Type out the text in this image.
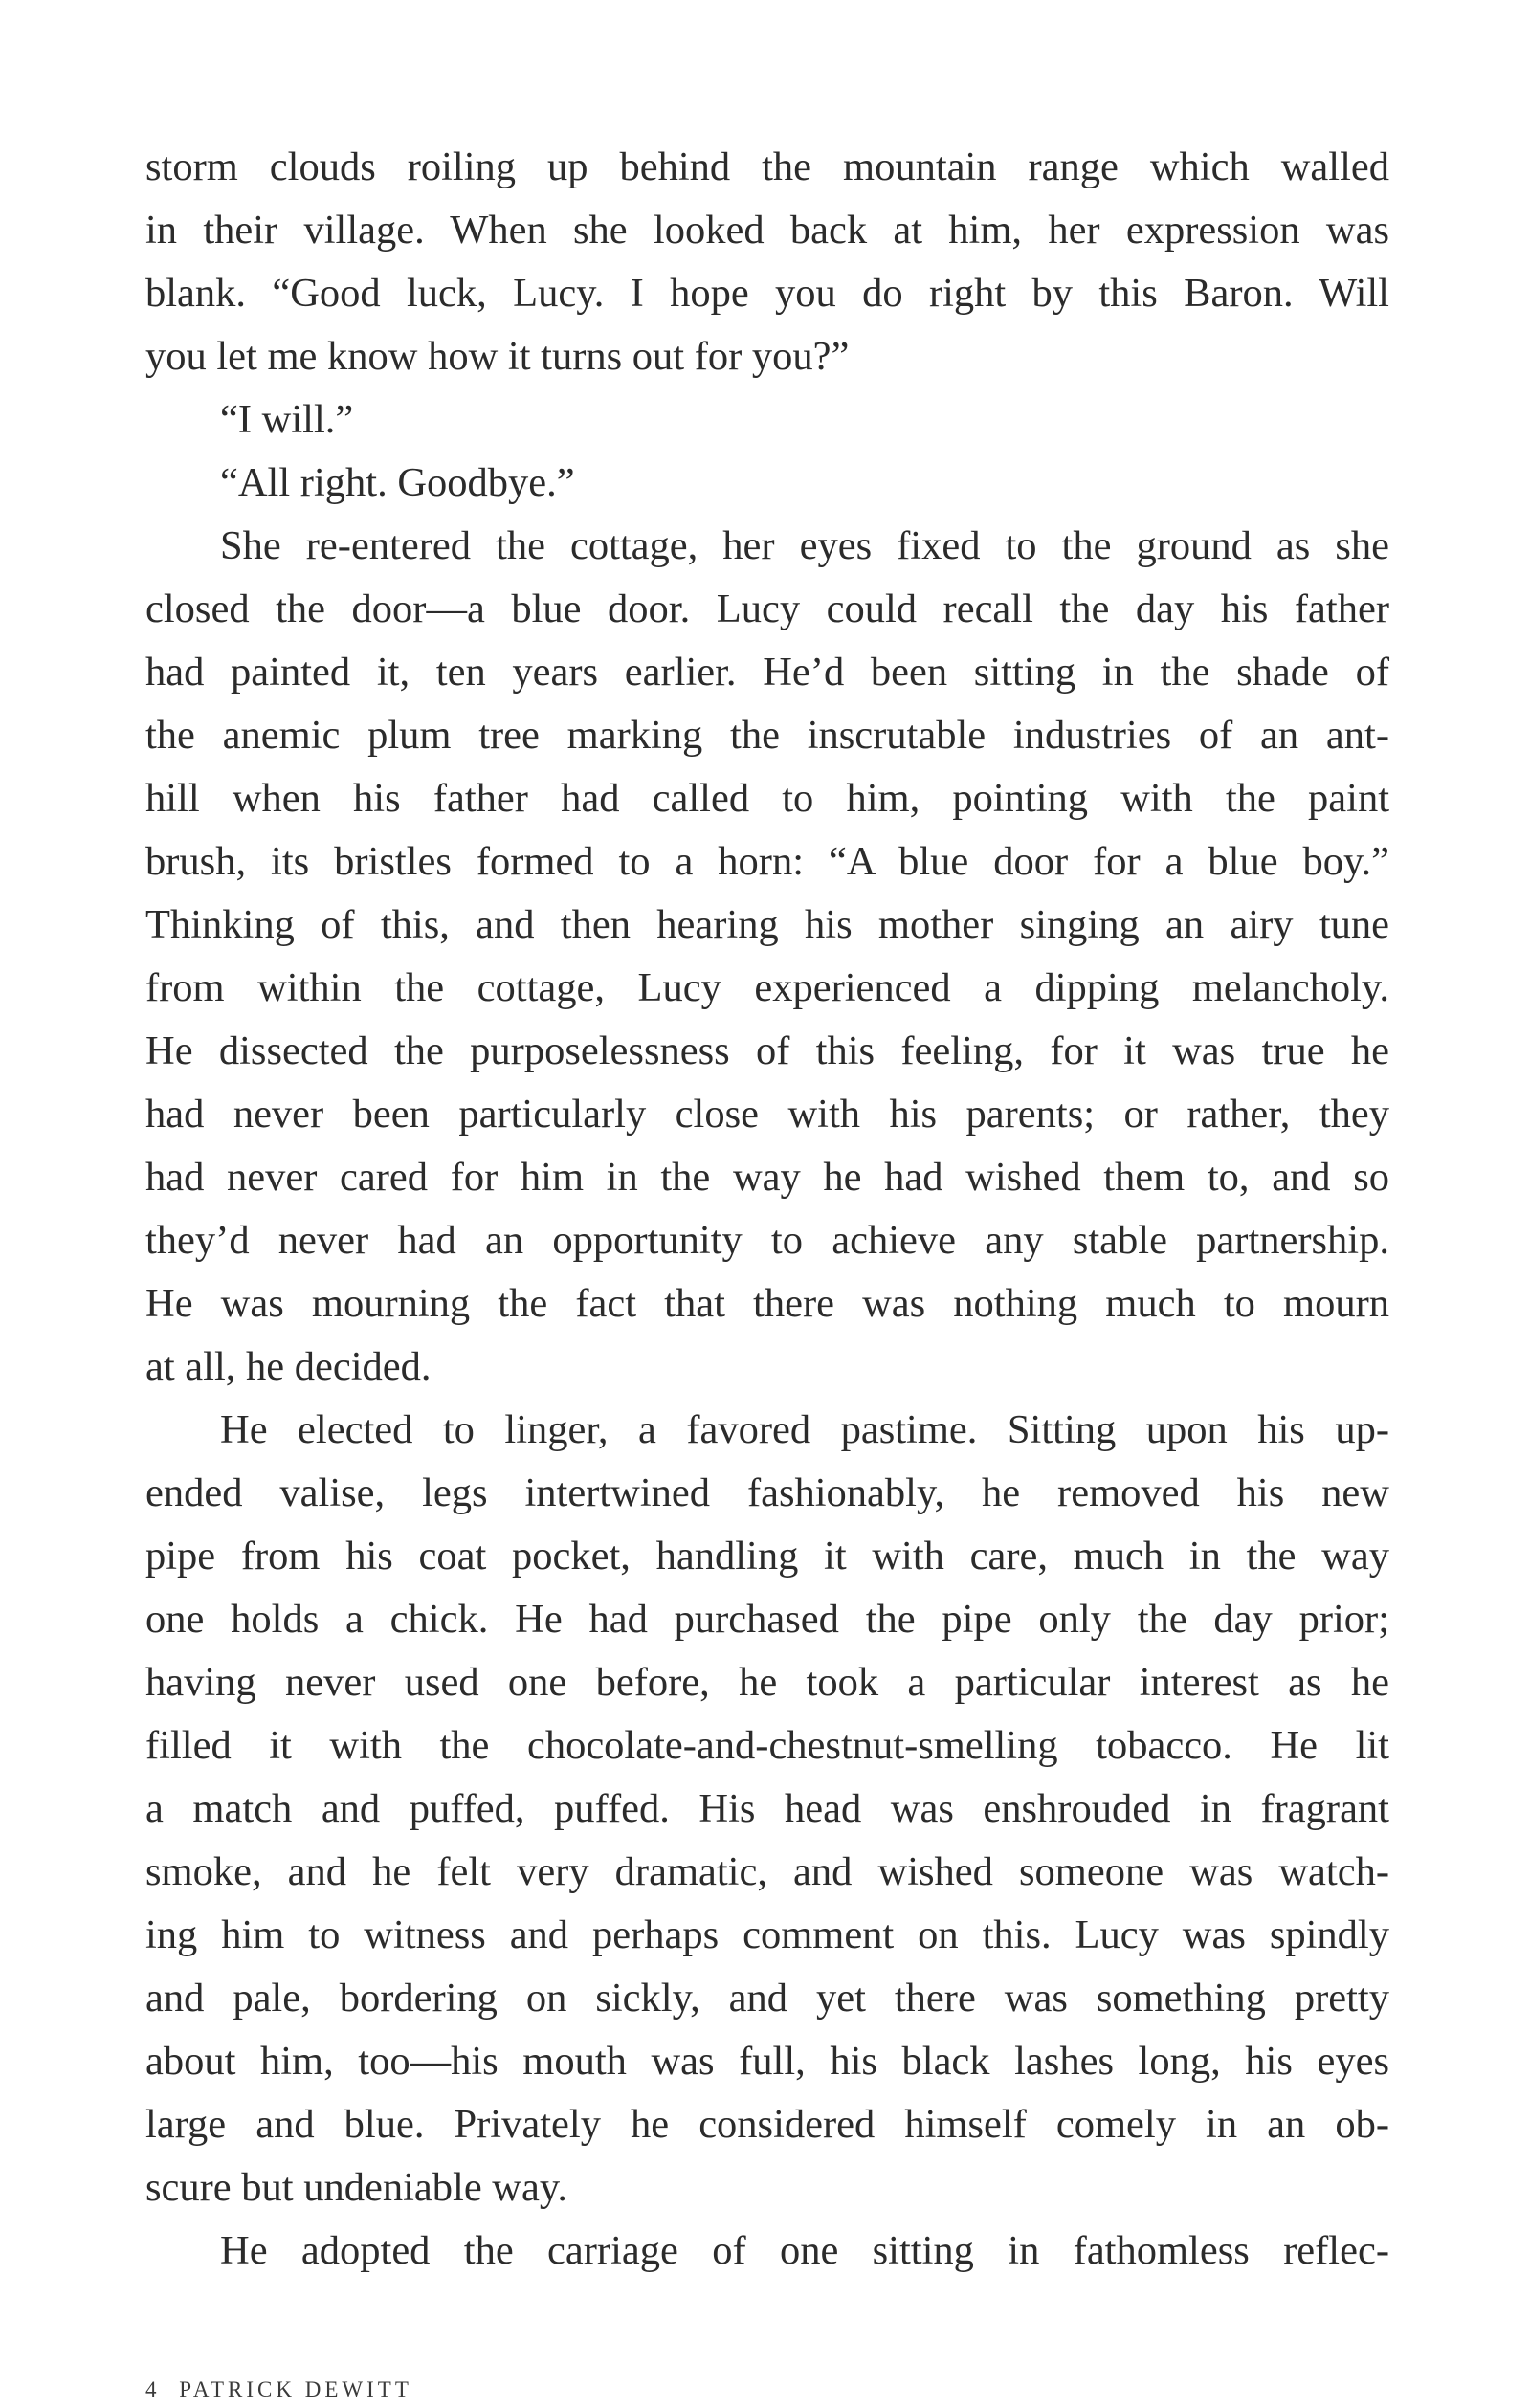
storm clouds roiling up behind the mountain range which walled
in their village. When she looked back at him, her expression was
blank. “Good luck, Lucy. I hope you do right by this Baron. Will
you let me know how it turns out for you?”
“I will.”
“All right. Goodbye.”
She re-entered the cottage, her eyes fixed to the ground as she
closed the door—a blue door. Lucy could recall the day his father
had painted it, ten years earlier. He’d been sitting in the shade of
the anemic plum tree marking the inscrutable industries of an ant-
hill when his father had called to him, pointing with the paint
brush, its bristles formed to a horn: “A blue door for a blue boy.”
Thinking of this, and then hearing his mother singing an airy tune
from within the cottage, Lucy experienced a dipping melancholy.
He dissected the purposelessness of this feeling, for it was true he
had never been particularly close with his parents; or rather, they
had never cared for him in the way he had wished them to, and so
they’d never had an opportunity to achieve any stable partnership.
He was mourning the fact that there was nothing much to mourn
at all, he decided.
He elected to linger, a favored pastime. Sitting upon his up-
ended valise, legs intertwined fashionably, he removed his new
pipe from his coat pocket, handling it with care, much in the way
one holds a chick. He had purchased the pipe only the day prior;
having never used one before, he took a particular interest as he
filled it with the chocolate-and-chestnut-smelling tobacco. He lit
a match and puffed, puffed. His head was enshrouded in fragrant
smoke, and he felt very dramatic, and wished someone was watch-
ing him to witness and perhaps comment on this. Lucy was spindly
and pale, bordering on sickly, and yet there was something pretty
about him, too—his mouth was full, his black lashes long, his eyes
large and blue. Privately he considered himself comely in an ob-
scure but undeniable way.
He adopted the carriage of one sitting in fathomless reflec-
4 PATRICK DEWITT
